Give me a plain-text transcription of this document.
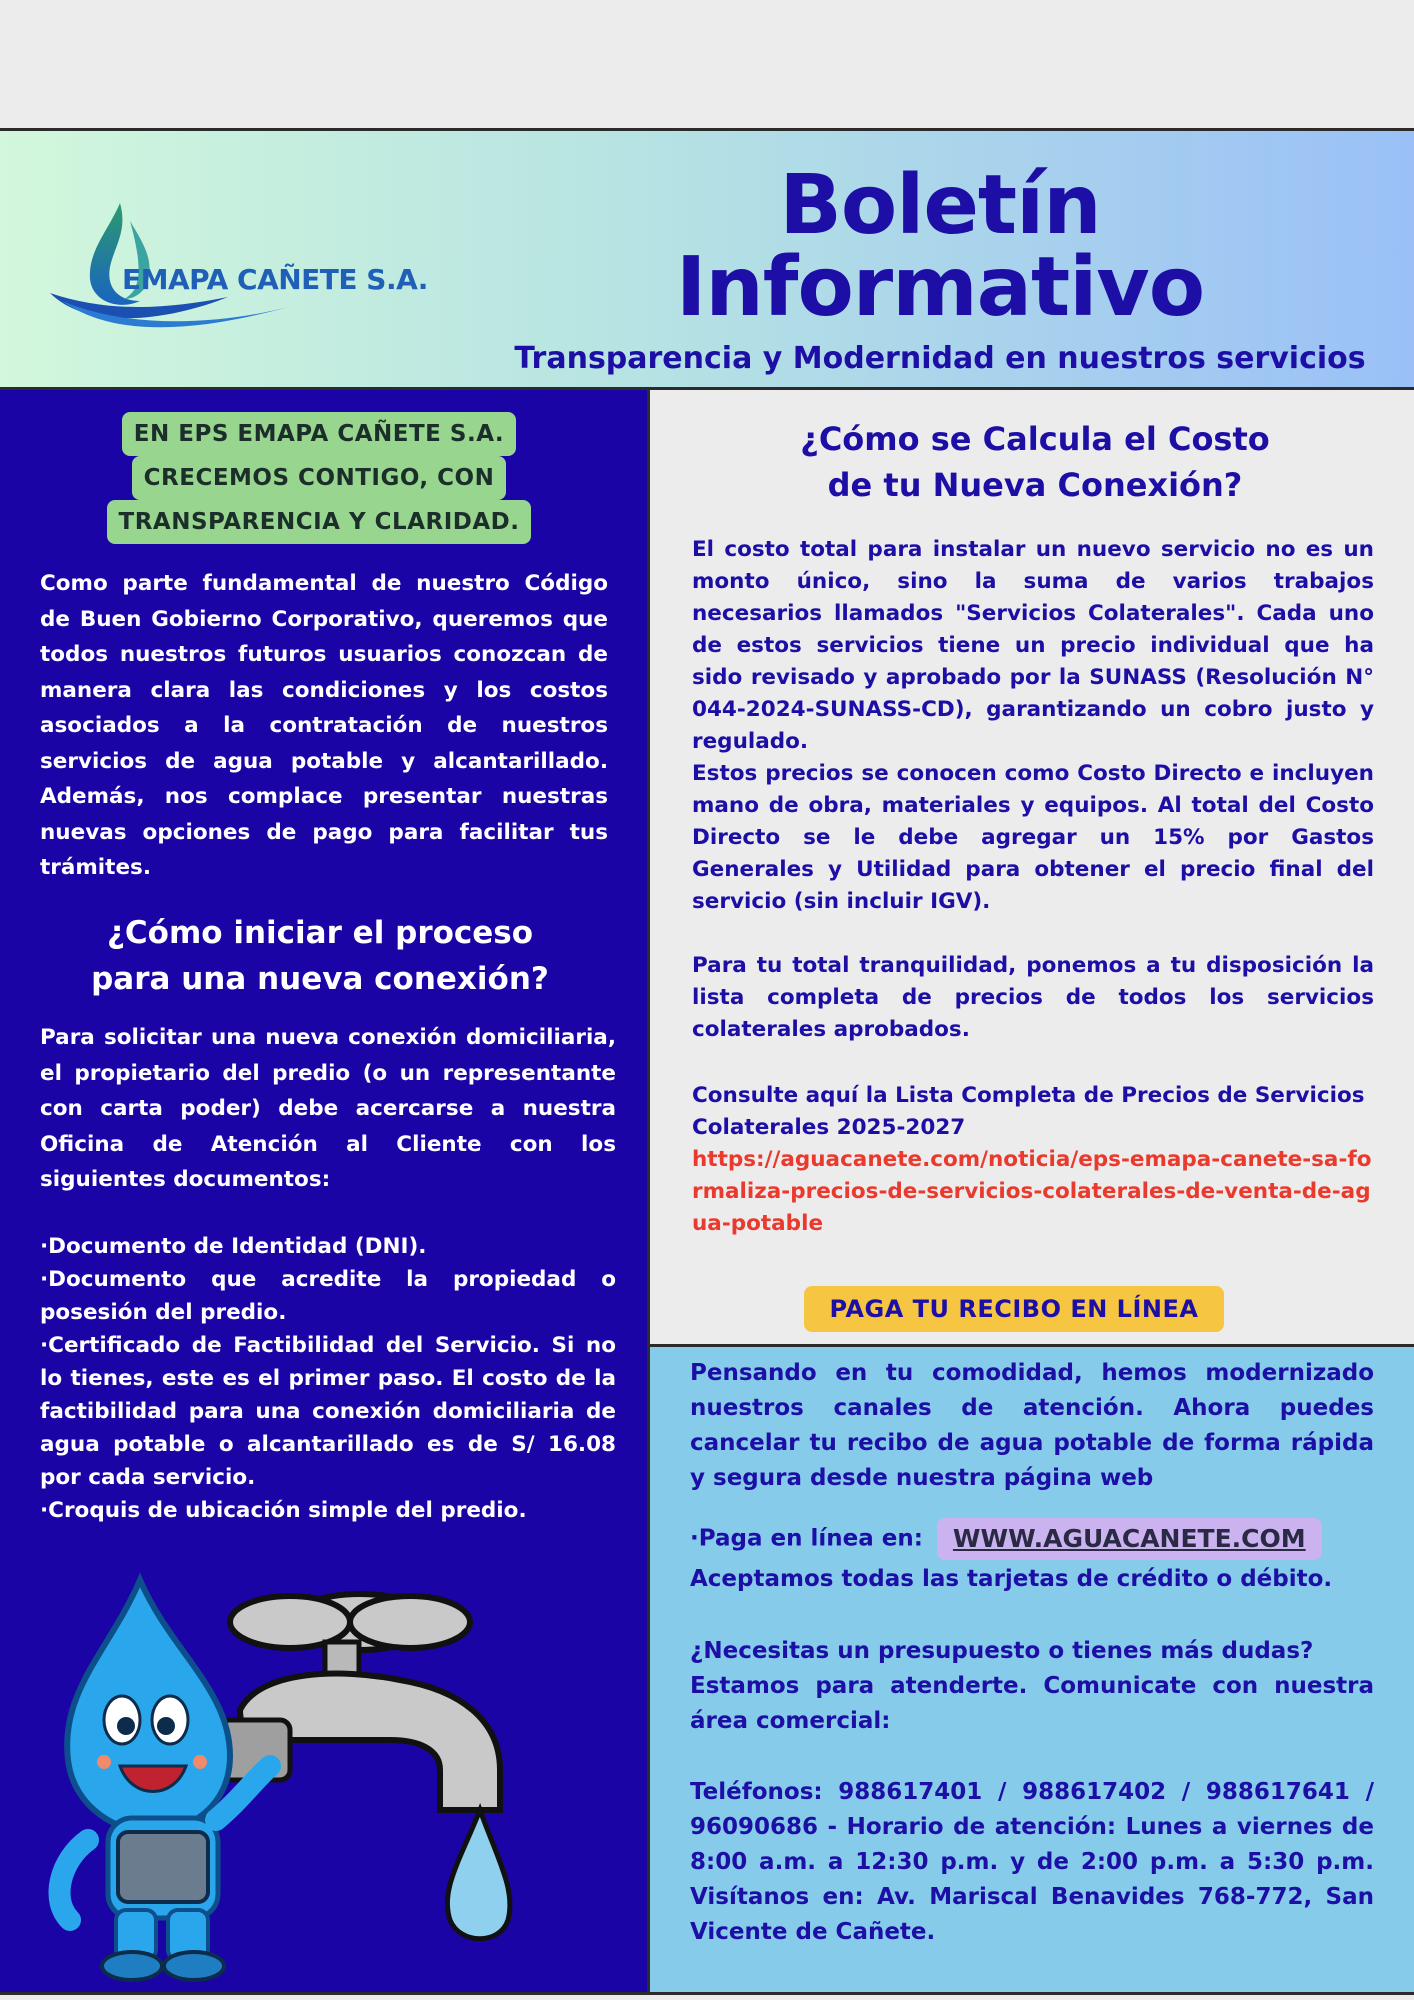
EMAPA CAÑETE S.A.
Boletín
Informativo
Transparencia y Modernidad en nuestros servicios
EN EPS EMAPA CAÑETE S.A.
CRECEMOS CONTIGO, CON
TRANSPARENCIA Y CLARIDAD.
Como parte fundamental de nuestro Código de Buen Gobierno Corporativo, queremos que todos nuestros futuros usuarios conozcan de manera clara las condiciones y los costos asociados a la contratación de nuestros servicios de agua potable y alcantarillado. Además, nos complace presentar nuestras nuevas opciones de pago para facilitar tus trámites.
¿Cómo iniciar el proceso
para una nueva conexión?
Para solicitar una nueva conexión domiciliaria, el propietario del predio (o un representante con carta poder) debe acercarse a nuestra Oficina de Atención al Cliente con los siguientes documentos:
·Documento de Identidad (DNI).
·Documento que acredite la propiedad o posesión del predio.
·Certificado de Factibilidad del Servicio. Si no lo tienes, este es el primer paso. El costo de la factibilidad para una conexión domiciliaria de agua potable o alcantarillado es de S/ 16.08 por cada servicio.
·Croquis de ubicación simple del predio.
¿Cómo se Calcula el Costo
de tu Nueva Conexión?
El costo total para instalar un nuevo servicio no es un monto único, sino la suma de varios trabajos necesarios llamados "Servicios Colaterales". Cada uno de estos servicios tiene un precio individual que ha sido revisado y aprobado por la SUNASS (Resolución N° 044-2024-SUNASS-CD), garantizando un cobro justo y regulado.
Estos precios se conocen como Costo Directo e incluyen mano de obra, materiales y equipos. Al total del Costo Directo se le debe agregar un 15% por Gastos Generales y Utilidad para obtener el precio final del servicio (sin incluir IGV).
Para tu total tranquilidad, ponemos a tu disposición la lista completa de precios de todos los servicios colaterales aprobados.
Consulte aquí la Lista Completa de Precios de Servicios Colaterales 2025-2027
https://aguacanete.com/noticia/eps-emapa-canete-sa-formaliza-precios-de-servicios-colaterales-de-venta-de-agua-potable
PAGA TU RECIBO EN LÍNEA
Pensando en tu comodidad, hemos modernizado nuestros canales de atención. Ahora puedes cancelar tu recibo de agua potable de forma rápida y segura desde nuestra página web
·Paga en línea en: WWW.AGUACANETE.COM
Aceptamos todas las tarjetas de crédito o débito.
¿Necesitas un presupuesto o tienes más dudas?
Estamos para atenderte. Comunicate con nuestra área comercial:
Teléfonos: 988617401 / 988617402 / 988617641 / 96090686 - Horario de atención: Lunes a viernes de 8:00 a.m. a 12:30 p.m. y de 2:00 p.m. a 5:30 p.m. Visítanos en: Av. Mariscal Benavides 768-772, San Vicente de Cañete.
